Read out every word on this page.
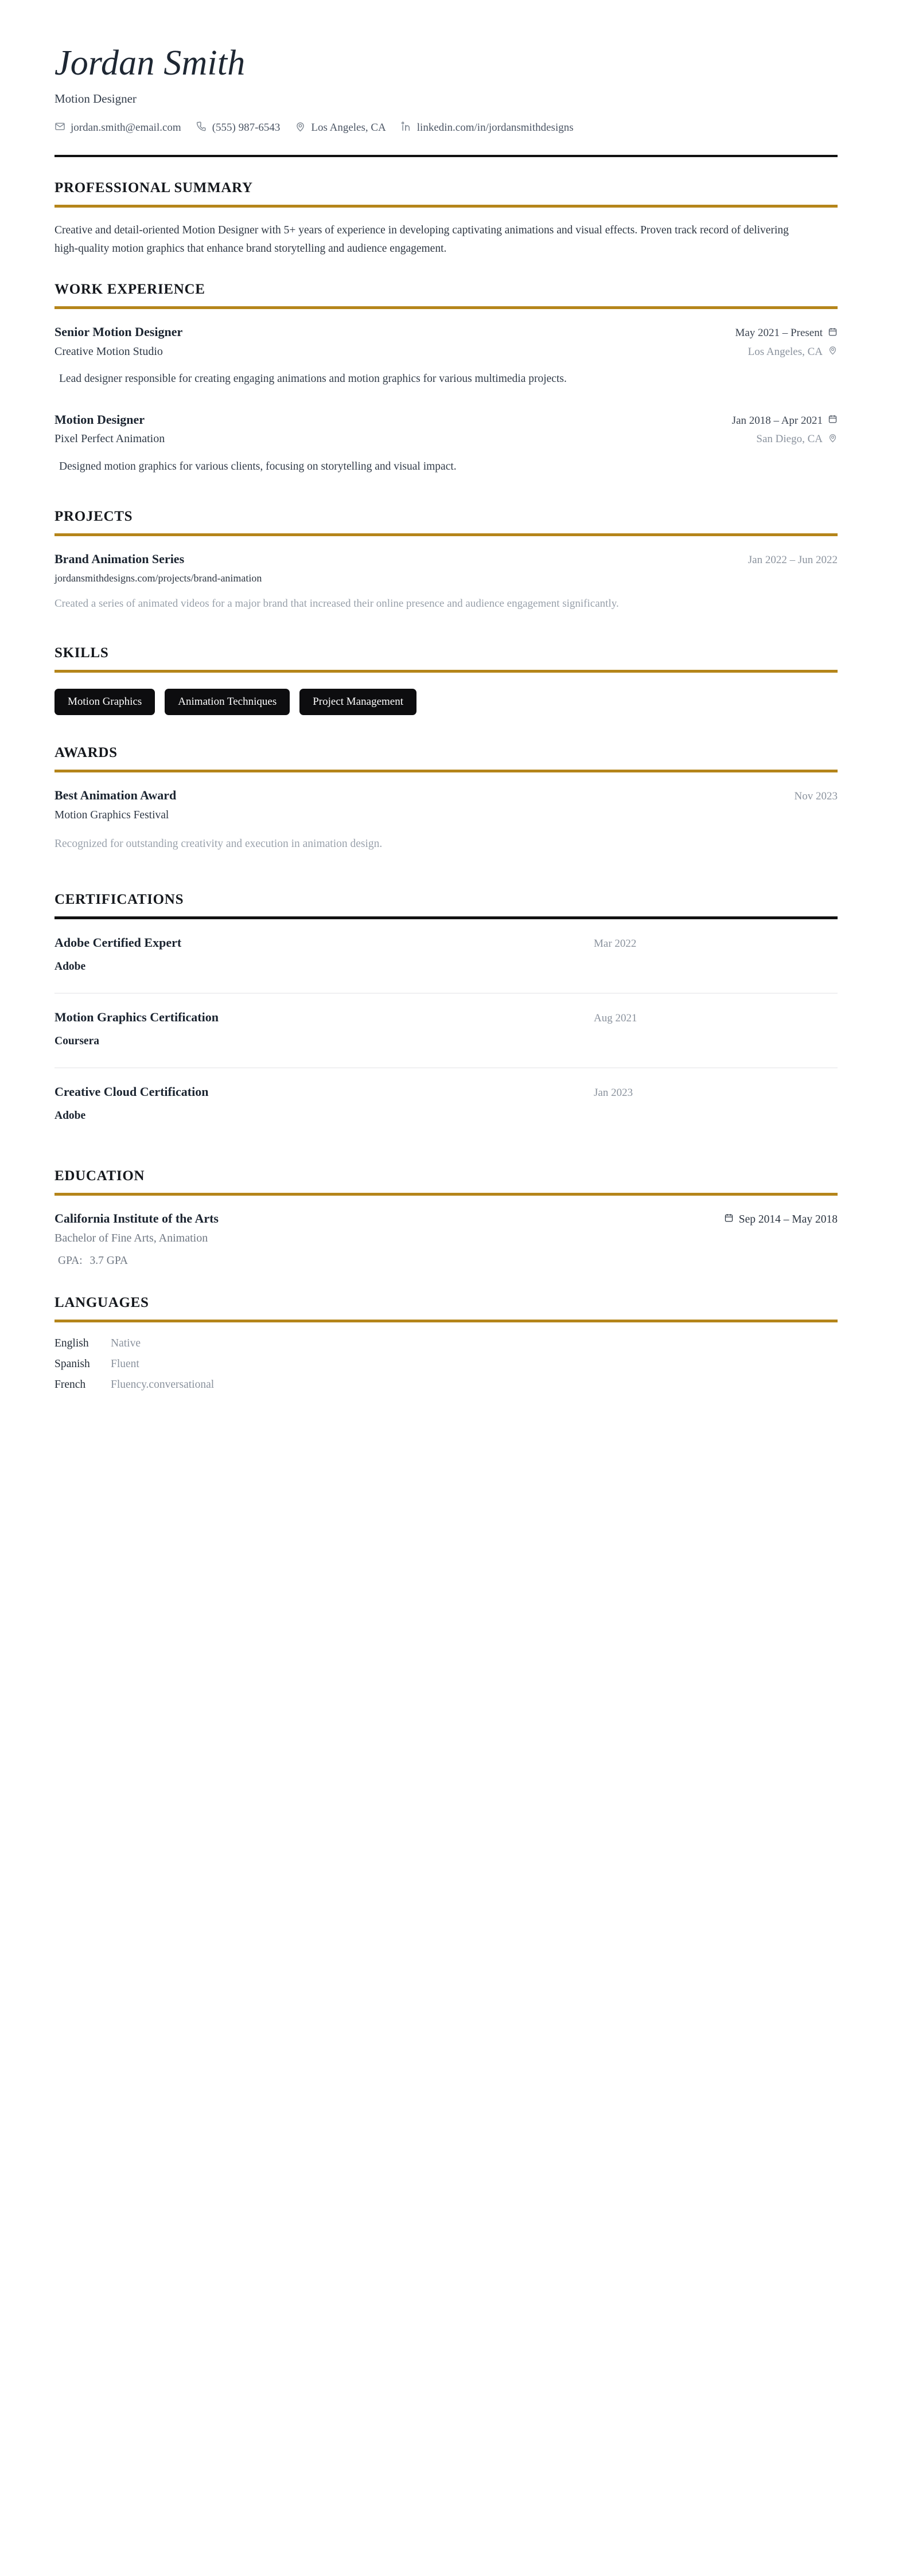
Jordan Smith
Motion Designer
jordan.smith@email.com	(555) 987-6543	Los Angeles, CA	linkedin.com/in/jordansmithdesigns
PROFESSIONAL SUMMARY
Creative and detail-oriented Motion Designer with 5+ years of experience in developing captivating animations and visual effects. Proven track record of delivering high-quality motion graphics that enhance brand storytelling and audience engagement.
WORK EXPERIENCE
Senior Motion Designer	May 2021 – Present
Creative Motion Studio	Los Angeles, CA
Lead designer responsible for creating engaging animations and motion graphics for various multimedia projects.
Motion Designer	Jan 2018 – Apr 2021
Pixel Perfect Animation	San Diego, CA
Designed motion graphics for various clients, focusing on storytelling and visual impact.
PROJECTS
Brand Animation Series	Jan 2022 – Jun 2022
jordansmithdesigns.com/projects/brand-animation
Created a series of animated videos for a major brand that increased their online presence and audience engagement significantly.
SKILLS
Motion Graphics	Animation Techniques	Project Management
AWARDS
Best Animation Award	Nov 2023
Motion Graphics Festival
Recognized for outstanding creativity and execution in animation design.
CERTIFICATIONS
Adobe Certified Expert	Mar 2022
Adobe
Motion Graphics Certification	Aug 2021
Coursera
Creative Cloud Certification	Jan 2023
Adobe
EDUCATION
California Institute of the Arts	Sep 2014 – May 2018
Bachelor of Fine Arts, Animation
GPA: 3.7 GPA
LANGUAGES
English	Native
Spanish	Fluent
French	Fluency.conversational
